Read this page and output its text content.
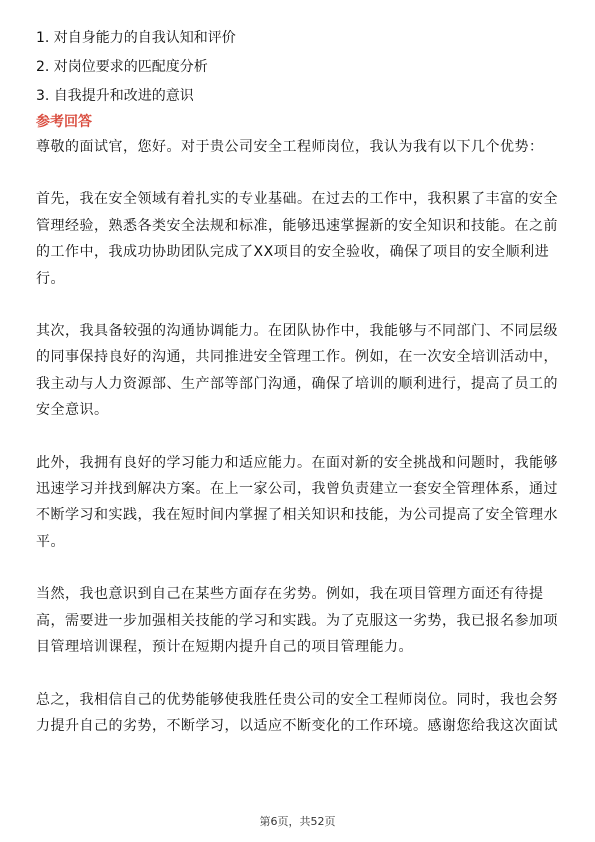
1. 对自身能力的自我认知和评价
2. 对岗位要求的匹配度分析
3. 自我提升和改进的意识
参考回答

尊敬的面试官，您好。对于贵公司安全工程师岗位，我认为我有以下几个优势：

首先，我在安全领域有着扎实的专业基础。在过去的工作中，我积累了丰富的安全管理经验，熟悉各类安全法规和标准，能够迅速掌握新的安全知识和技能。在之前的工作中，我成功协助团队完成了XX项目的安全验收，确保了项目的安全顺利进行。

其次，我具备较强的沟通协调能力。在团队协作中，我能够与不同部门、不同层级的同事保持良好的沟通，共同推进安全管理工作。例如，在一次安全培训活动中，我主动与人力资源部、生产部等部门沟通，确保了培训的顺利进行，提高了员工的安全意识。

此外，我拥有良好的学习能力和适应能力。在面对新的安全挑战和问题时，我能够迅速学习并找到解决方案。在上一家公司，我曾负责建立一套安全管理体系，通过不断学习和实践，我在短时间内掌握了相关知识和技能，为公司提高了安全管理水平。

当然，我也意识到自己在某些方面存在劣势。例如，我在项目管理方面还有待提高，需要进一步加强相关技能的学习和实践。为了克服这一劣势，我已报名参加项目管理培训课程，预计在短期内提升自己的项目管理能力。

总之，我相信自己的优势能够使我胜任贵公司的安全工程师岗位。同时，我也会努力提升自己的劣势，不断学习，以适应不断变化的工作环境。感谢您给我这次面试

第6页，共52页
